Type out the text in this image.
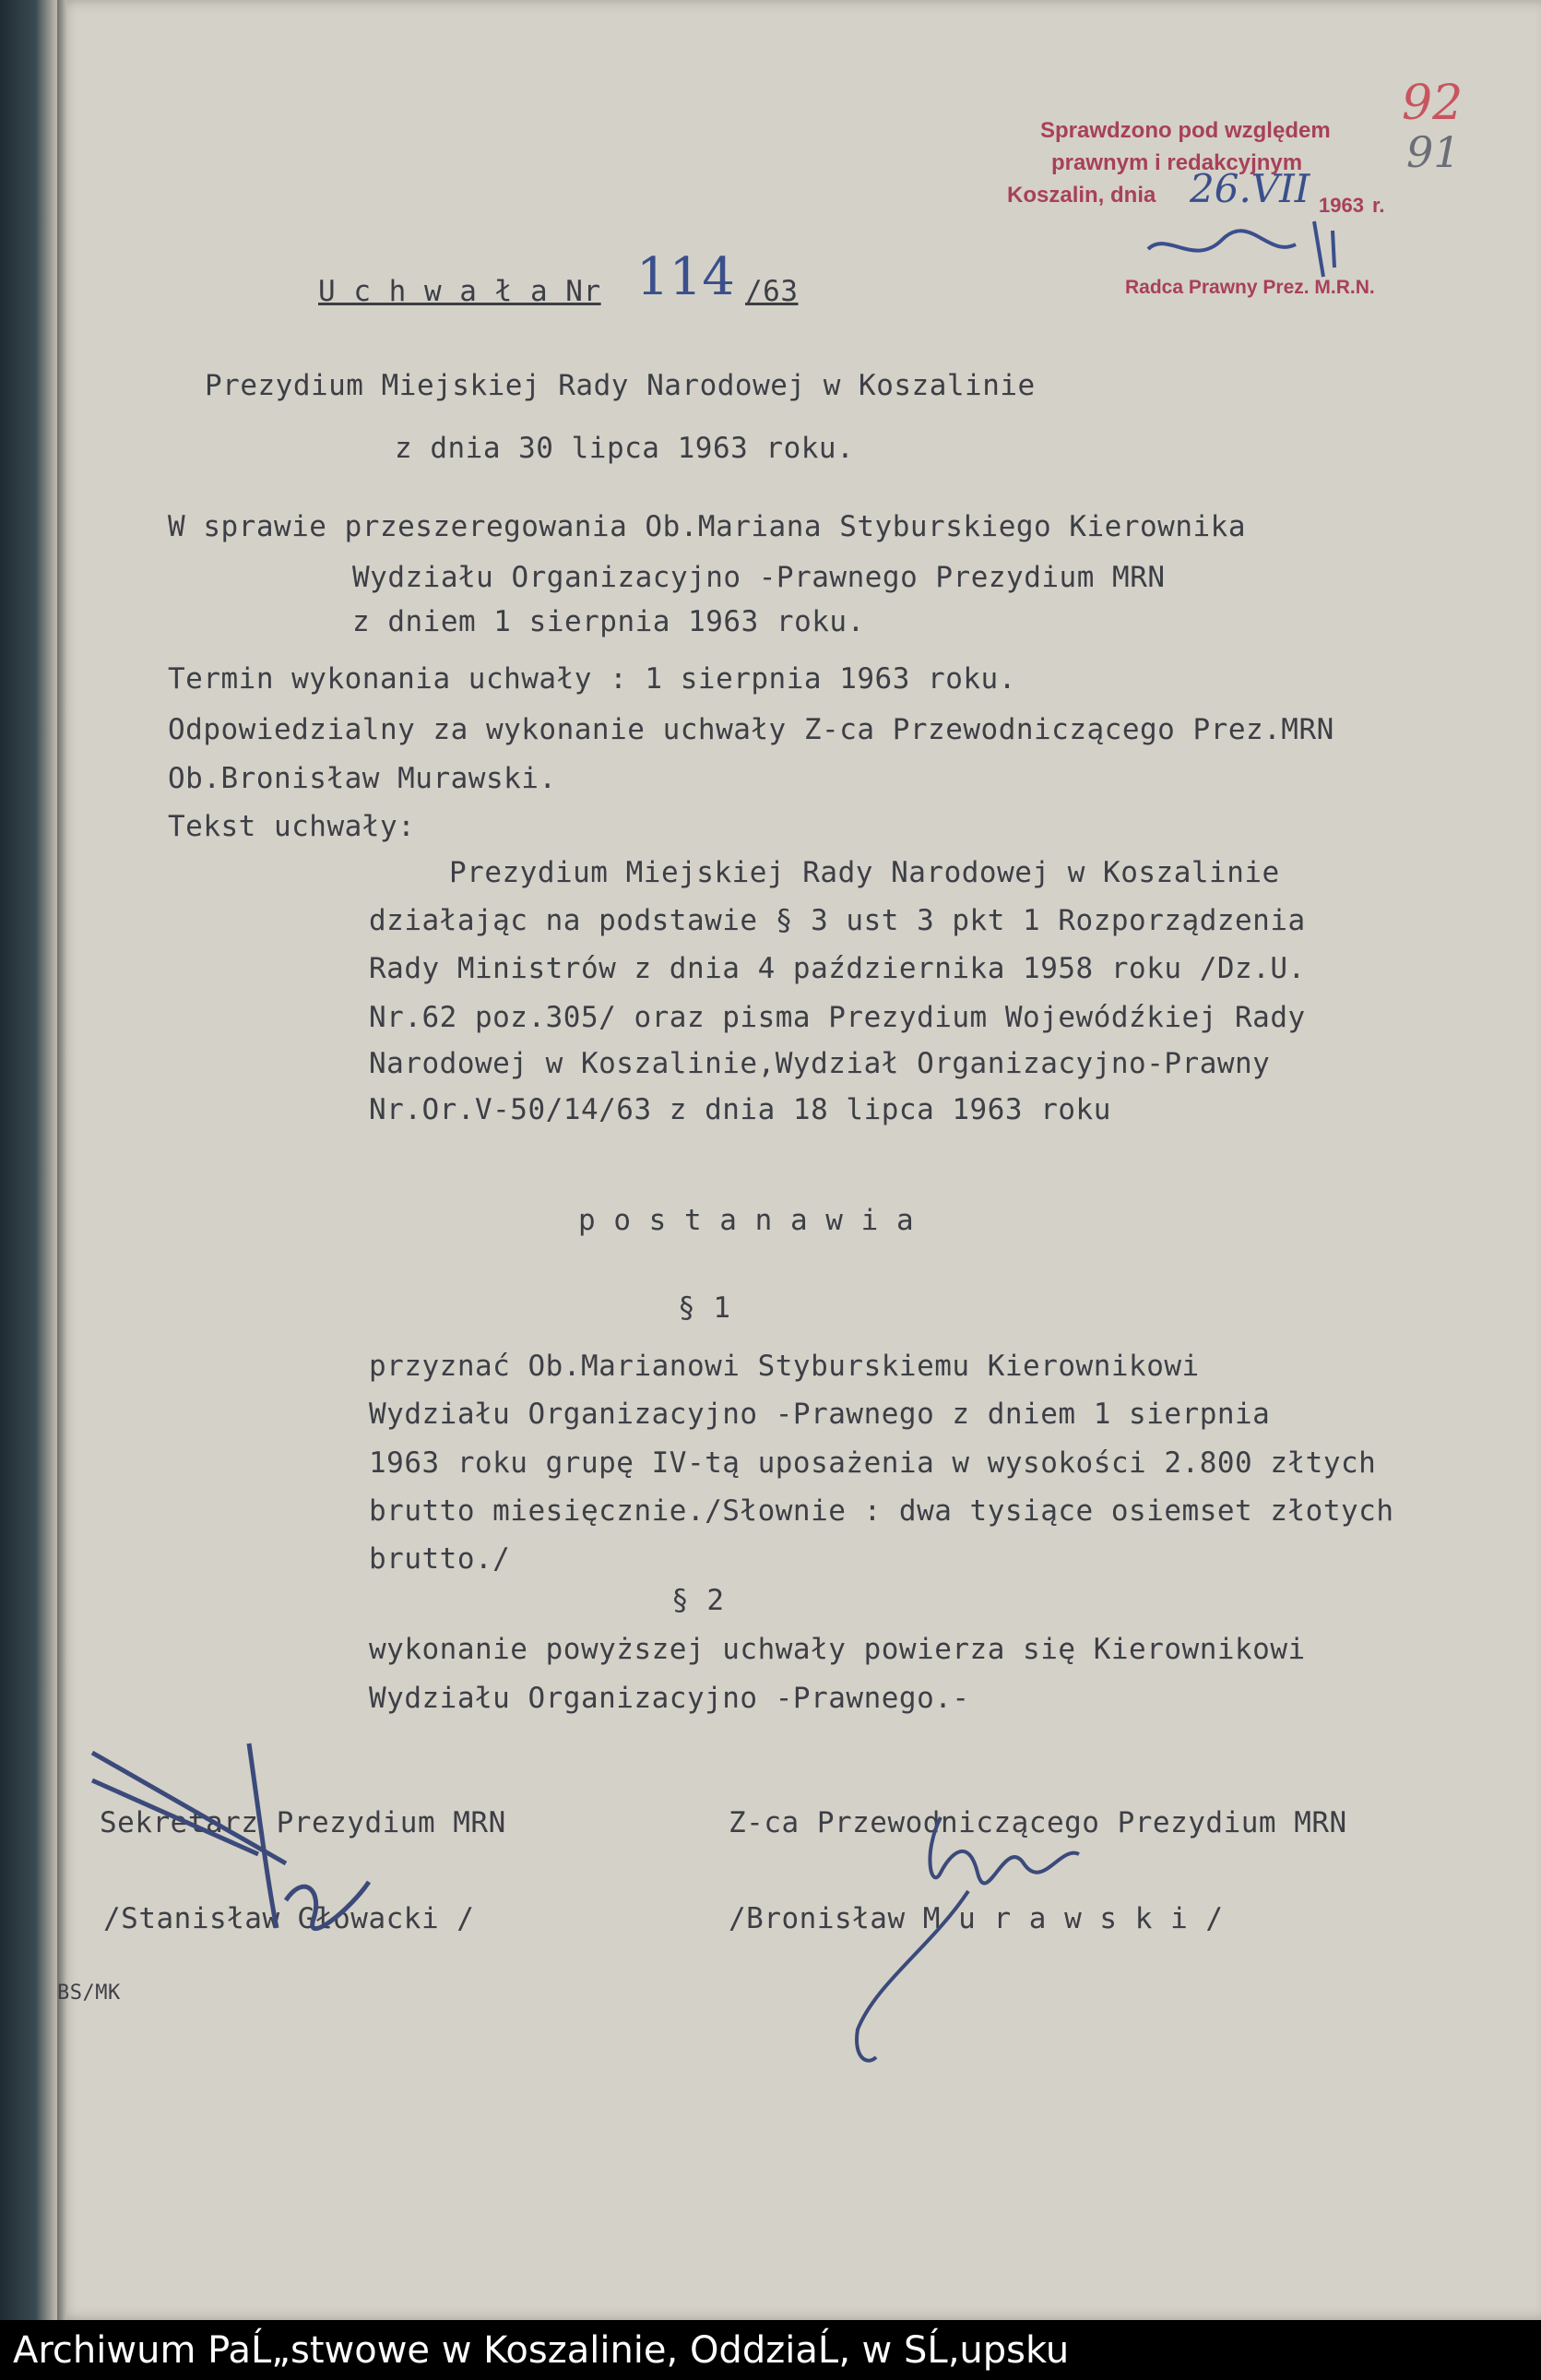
Sprawdzono pod względem
prawnym i redakcyjnym
Koszalin, dnia 26.VII 1963 r.
Radca Prawny Prez. M.R.N.
92
91
U c h w a ł a Nr 114 /63
Prezydium Miejskiej Rady Narodowej w Koszalinie
z dnia 30 lipca 1963 roku.
W sprawie przeszeregowania Ob.Mariana Styburskiego Kierownika
Wydziału Organizacyjno -Prawnego Prezydium MRN
z dniem 1 sierpnia 1963 roku.
Termin wykonania uchwały : 1 sierpnia 1963 roku.
Odpowiedzialny za wykonanie uchwały Z-ca Przewodniczącego Prez.MRN
Ob.Bronisław Murawski.
Tekst uchwały:
Prezydium Miejskiej Rady Narodowej w Koszalinie
działając na podstawie § 3 ust 3 pkt 1 Rozporządzenia
Rady Ministrów z dnia 4 października 1958 roku /Dz.U.
Nr.62 poz.305/ oraz pisma Prezydium Wojewódźkiej Rady
Narodowej w Koszalinie,Wydział Organizacyjno-Prawny
Nr.Or.V-50/14/63 z dnia 18 lipca 1963 roku
p o s t a n a w i a
§ 1
przyznać Ob.Marianowi Styburskiemu Kierownikowi
Wydziału Organizacyjno -Prawnego z dniem 1 sierpnia
1963 roku grupę IV-tą uposażenia w wysokości 2.800 złtych
brutto miesięcznie./Słownie : dwa tysiące osiemset złotych
brutto./
§ 2
wykonanie powyższej uchwały powierza się Kierownikowi
Wydziału Organizacyjno -Prawnego.-
Sekretarz Prezydium MRN
/Stanisław Głowacki /
Z-ca Przewodniczącego Prezydium MRN
/Bronisław M u r a w s k i /
BS/MK
Archiwum PaĹ„stwowe w Koszalinie, OddziaĹ‚ w SĹ‚upsku
